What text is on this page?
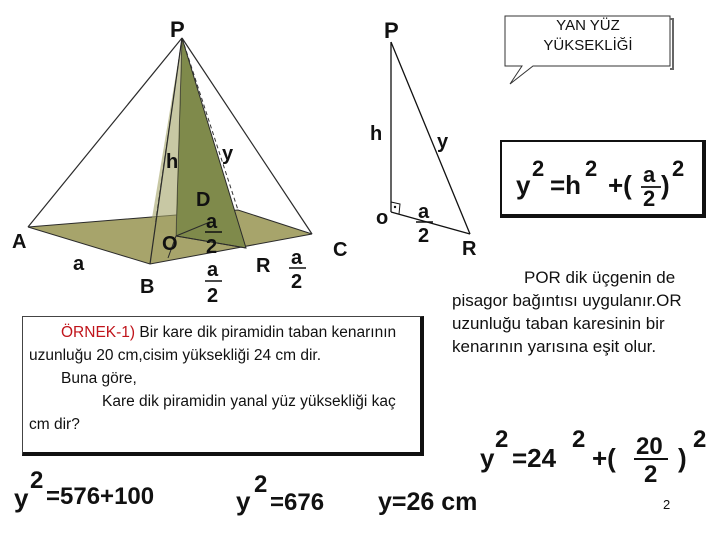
P
A
a
B
C
D
O
h y
R
a
2
a
2
a
2
P
h	y
o
R
a
2
y
2
=h
2
+( a
2 )
2
y
2
=24
2
+( 20
2
)
2
y
2
=576+100	y
2
=676 y=26 cm
YAN YÜZ
YÜKSEKLİĞİ
POR dik üçgenin de pisagor bağıntısı uygulanır.OR uzunluğu taban karesinin bir kenarının yarısına eşit olur.
ÖRNEK-1) Bir kare dik piramidin taban kenarının uzunluğu 20 cm,cisim yüksekliği 24 cm dir.
Buna göre,
Kare dik piramidin yanal yüz yüksekliği kaç cm dir?
2
